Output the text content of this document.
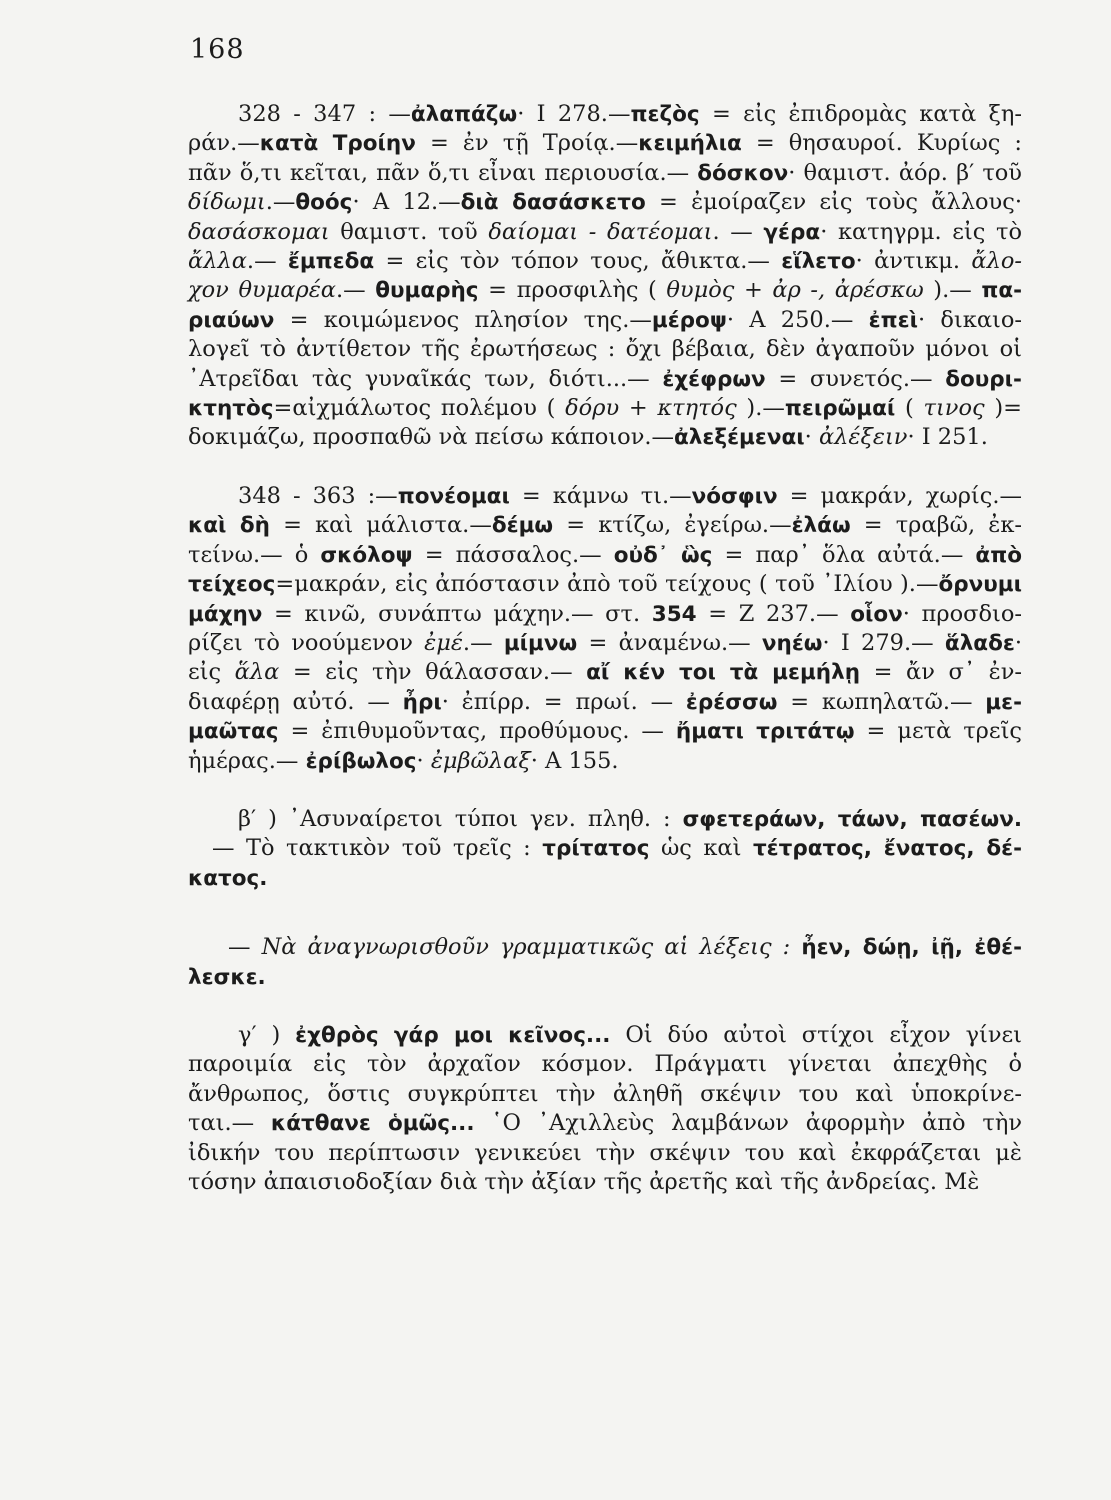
168
328 - 347 : —ἀλαπάζω· Ι 278.—πεζὸς = εἰς ἐπιδρομὰς κατὰ ξη-
ράν.—κατὰ Τροίην = ἐν τῇ Τροίᾳ.—κειμήλια = θησαυροί. Κυρίως :
πᾶν ὅ,τι κεῖται, πᾶν ὅ,τι εἶναι περιουσία.— δόσκον· θαμιστ. ἀόρ. β′ τοῦ
δίδωμι.—θοός· Α 12.—διὰ δασάσκετο = ἐμοίραζεν εἰς τοὺς ἄλλους·
δασάσκομαι θαμιστ. τοῦ δαίομαι - δατέομαι. — γέρα· κατηγρμ. εἰς τὸ
ἄλλα.— ἔμπεδα = εἰς τὸν τόπον τους, ἄθικτα.— εἵλετο· ἀντικμ. ἄλο-
χον θυμαρέα.— θυμαρὴς = προσφιλὴς ( θυμὸς + ἀρ -, ἀρέσκω ).— πα-
ριαύων = κοιμώμενος πλησίον της.—μέροψ· Α 250.— ἐπεὶ· δικαιο-
λογεῖ τὸ ἀντίθετον τῆς ἐρωτήσεως : ὄχι βέβαια, δὲν ἀγαποῦν μόνοι οἱ
᾿Ατρεῖδαι τὰς γυναῖκάς των, διότι...— ἐχέφρων = συνετός.— δουρι-
κτητὸς=αἰχμάλωτος πολέμου ( δόρυ + κτητός ).—πειρῶμαί ( τινος )=
δοκιμάζω, προσπαθῶ νὰ πείσω κάποιον.—ἀλεξέμεναι· ἀλέξειν· Ι 251.
348 - 363 :—πονέομαι = κάμνω τι.—νόσφιν = μακράν, χωρίς.—
καὶ δὴ = καὶ μάλιστα.—δέμω = κτίζω, ἐγείρω.—ἐλάω = τραβῶ, ἐκ-
τείνω.— ὁ σκόλοψ = πάσσαλος.— οὐδ᾿ ὣς = παρ᾿ ὅλα αὐτά.— ἀπὸ
τείχεος=μακράν, εἰς ἀπόστασιν ἀπὸ τοῦ τείχους ( τοῦ ᾿Ιλίου ).—ὄρνυμι
μάχην = κινῶ, συνάπτω μάχην.— στ. 354 = Ζ 237.— οἷον· προσδιο-
ρίζει τὸ νοούμενον ἐμέ.— μίμνω = ἀναμένω.— νηέω· Ι 279.— ἅλαδε·
εἰς ἅλα = εἰς τὴν θάλασσαν.— αἴ κέν τοι τὰ μεμήλῃ = ἄν σ᾿ ἐν-
διαφέρῃ αὐτό. — ἦρι· ἐπίρρ. = πρωί. — ἐρέσσω = κωπηλατῶ.— με-
μαῶτας = ἐπιθυμοῦντας, προθύμους. — ἤματι τριτάτῳ = μετὰ τρεῖς
ἡμέρας.— ἐρίβωλος· ἐμβῶλαξ· Α 155.
β′ ) ᾿Ασυναίρετοι τύποι γεν. πληθ. : σφετεράων, τάων, πασέων.
— Τὸ τακτικὸν τοῦ τρεῖς : τρίτατος ὡς καὶ τέτρατος, ἔνατος, δέ-
κατος.
— Νὰ ἀναγνωρισθοῦν γραμματικῶς αἱ λέξεις : ἦεν, δώῃ, ἰῇ, ἐθέ-
λεσκε.
γ′ ) ἐχθρὸς γάρ μοι κεῖνος... Οἱ δύο αὐτοὶ στίχοι εἶχον γίνει
παροιμία εἰς τὸν ἀρχαῖον κόσμον. Πράγματι γίνεται ἀπεχθὴς ὁ
ἄνθρωπος, ὅστις συγκρύπτει τὴν ἀληθῆ σκέψιν του καὶ ὑποκρίνε-
ται.— κάτθανε ὁμῶς... ῾Ο ᾿Αχιλλεὺς λαμβάνων ἀφορμὴν ἀπὸ τὴν
ἰδικήν του περίπτωσιν γενικεύει τὴν σκέψιν του καὶ ἐκφράζεται μὲ
τόσην ἀπαισιοδοξίαν διὰ τὴν ἀξίαν τῆς ἀρετῆς καὶ τῆς ἀνδρείας. Μὲ
